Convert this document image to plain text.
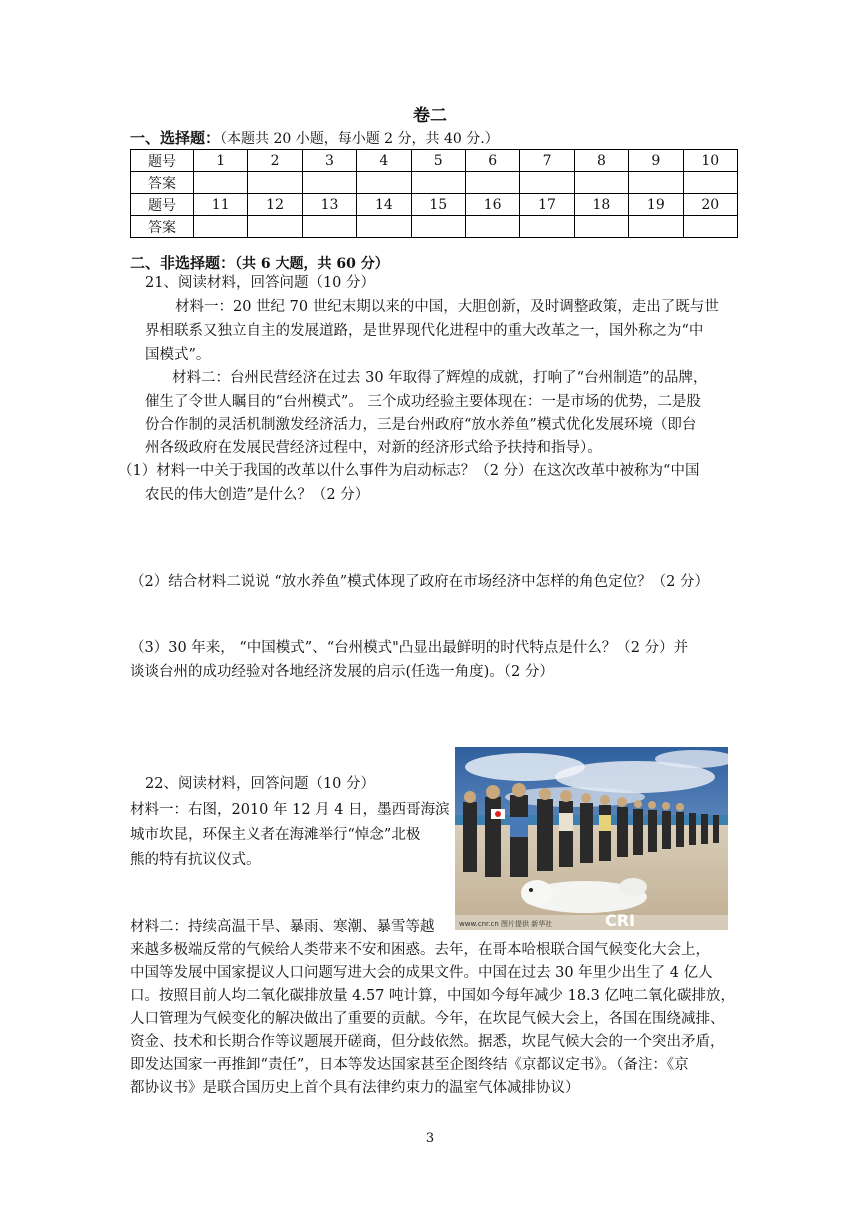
卷二
一、选择题：（本题共 20 小题，每小题 2 分，共 40 分.）
题号	1	2	3	4	5	6	7	8	9	10
答案										
题号	11	12	13	14	15	16	17	18	19	20
答案										
二、非选择题：（共 6 大题，共 60 分）
21、阅读材料，回答问题（10 分）
材料一：20 世纪 70 世纪末期以来的中国，大胆创新，及时调整政策，走出了既与世
界相联系又独立自主的发展道路，是世界现代化进程中的重大改革之一，国外称之为“中
国模式”。
材料二：台州民营经济在过去 30 年取得了辉煌的成就，打响了“台州制造”的品牌，
催生了令世人瞩目的“台州模式”。 三个成功经验主要体现在：一是市场的优势，二是股
份合作制的灵活机制激发经济活力，三是台州政府“放水养鱼”模式优化发展环境（即台
州各级政府在发展民营经济过程中，对新的经济形式给予扶持和指导）。
（1）材料一中关于我国的改革以什么事件为启动标志？（2 分）在这次改革中被称为“中国
农民的伟大创造”是什么？（2 分）
（2）结合材料二说说 “放水养鱼”模式体现了政府在市场经济中怎样的角色定位？（2 分）
（3）30 年来， “中国模式”、“台州模式"凸显出最鲜明的时代特点是什么？（2 分）并
谈谈台州的成功经验对各地经济发展的启示(任选一角度)。（2 分）
22、阅读材料，回答问题（10 分）
材料一：右图，2010 年 12 月 4 日，墨西哥海滨
城市坎昆，环保主义者在海滩举行“悼念”北极
熊的特有抗议仪式。
材料二：持续高温干旱、暴雨、寒潮、暴雪等越
来越多极端反常的气候给人类带来不安和困惑。去年，在哥本哈根联合国气候变化大会上，
中国等发展中国家提议人口问题写进大会的成果文件。中国在过去 30 年里少出生了 4 亿人
口。按照目前人均二氧化碳排放量 4.57 吨计算，中国如今每年减少 18.3 亿吨二氧化碳排放，
人口管理为气候变化的解决做出了重要的贡献。今年，在坎昆气候大会上，各国在围绕减排、
资金、技术和长期合作等议题展开磋商，但分歧依然。据悉，坎昆气候大会的一个突出矛盾，
即发达国家一再推卸“责任”，日本等发达国家甚至企图终结《京都议定书》。（备注：《京
都协议书》是联合国历史上首个具有法律约束力的温室气体减排协议）
www.cnr.cn 图片提供 新华社	CRI
3
